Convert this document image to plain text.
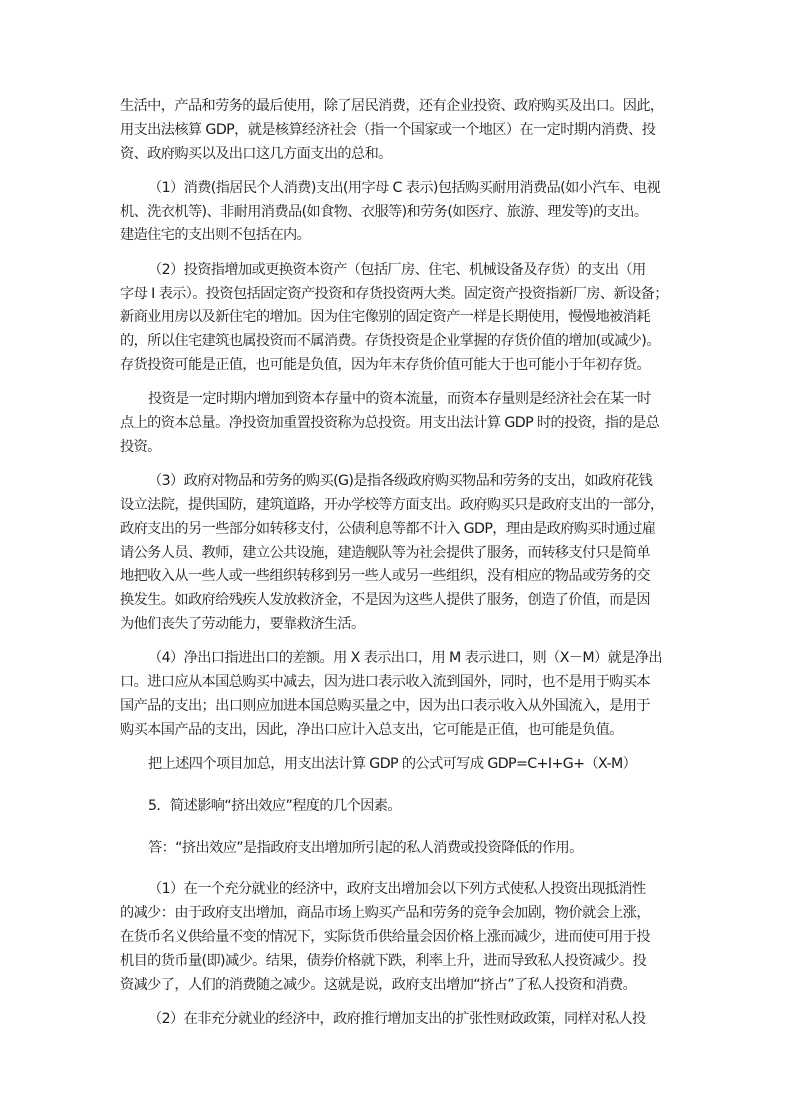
生活中，产品和劳务的最后使用，除了居民消费，还有企业投资、政府购买及出口。因此，
用支出法核算 GDP，就是核算经济社会（指一个国家或一个地区）在一定时期内消费、投
资、政府购买以及出口这几方面支出的总和。
（1）消费(指居民个人消费)支出(用字母 C 表示)包括购买耐用消费品(如小汽车、电视
机、洗衣机等)、非耐用消费品(如食物、衣服等)和劳务(如医疗、旅游、理发等)的支出。
建造住宅的支出则不包括在内。
（2）投资指增加或更换资本资产（包括厂房、住宅、机械设备及存货）的支出（用
字母 I 表示）。投资包括固定资产投资和存货投资两大类。固定资产投资指新厂房、新设备；
新商业用房以及新住宅的增加。因为住宅像别的固定资产一样是长期使用，慢慢地被消耗
的，所以住宅建筑也属投资而不属消费。存货投资是企业掌握的存货价值的增加(或减少)。
存货投资可能是正值，也可能是负值，因为年末存货价值可能大于也可能小于年初存货。
投资是一定时期内增加到资本存量中的资本流量，而资本存量则是经济社会在某一时
点上的资本总量。净投资加重置投资称为总投资。用支出法计算 GDP 时的投资，指的是总
投资。
（3）政府对物品和劳务的购买(G)是指各级政府购买物品和劳务的支出，如政府花钱
设立法院，提供国防，建筑道路，开办学校等方面支出。政府购买只是政府支出的一部分，
政府支出的另一些部分如转移支付，公债利息等都不计入 GDP，理由是政府购买时通过雇
请公务人员、教师，建立公共设施，建造舰队等为社会提供了服务，而转移支付只是简单
地把收入从一些人或一些组织转移到另一些人或另一些组织，没有相应的物品或劳务的交
换发生。如政府给残疾人发放救济金，不是因为这些人提供了服务，创造了价值，而是因
为他们丧失了劳动能力，要靠救济生活。
（4）净出口指进出口的差额。用 X 表示出口，用 M 表示进口，则（X－M）就是净出
口。进口应从本国总购买中减去，因为进口表示收入流到国外，同时，也不是用于购买本
国产品的支出；出口则应加进本国总购买量之中，因为出口表示收入从外国流入，是用于
购买本国产品的支出，因此，净出口应计入总支出，它可能是正值，也可能是负值。
把上述四个项目加总，用支出法计算 GDP 的公式可写成 GDP=C+I+G+（X-M）
5．简述影响“挤出效应”程度的几个因素。
答：“挤出效应”是指政府支出增加所引起的私人消费或投资降低的作用。
（1）在一个充分就业的经济中，政府支出增加会以下列方式使私人投资出现抵消性
的减少：由于政府支出增加，商品市场上购买产品和劳务的竞争会加剧，物价就会上涨，
在货币名义供给量不变的情况下，实际货币供给量会因价格上涨而减少，进而使可用于投
机目的货币量(即)减少。结果，债券价格就下跌，利率上升，进而导致私人投资减少。投
资减少了，人们的消费随之减少。这就是说，政府支出增加“挤占”了私人投资和消费。
（2）在非充分就业的经济中，政府推行增加支出的扩张性财政政策，同样对私人投
